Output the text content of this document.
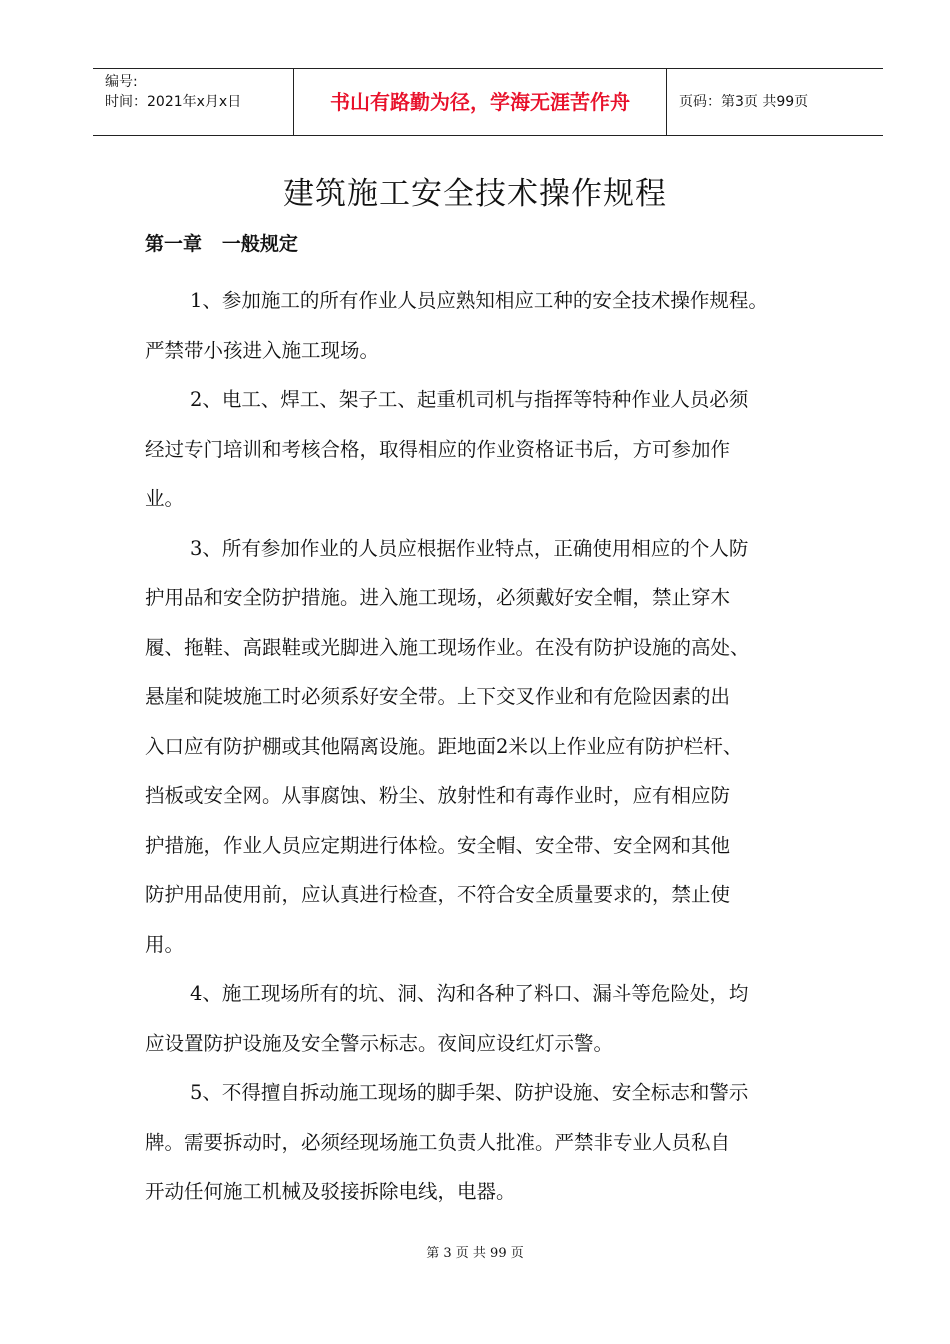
编号:
时间：2021年x月x日	书山有路勤为径，学海无涯苦作舟	页码：第3页 共99页
建筑施工安全技术操作规程
第一章   一般规定
1、参加施工的所有作业人员应熟知相应工种的安全技术操作规程。
严禁带小孩进入施工现场。
2、电工、焊工、架子工、起重机司机与指挥等特种作业人员必须
经过专门培训和考核合格，取得相应的作业资格证书后，方可参加作
业。
3、所有参加作业的人员应根据作业特点，正确使用相应的个人防
护用品和安全防护措施。进入施工现场，必须戴好安全帽，禁止穿木
履、拖鞋、高跟鞋或光脚进入施工现场作业。在没有防护设施的高处、
悬崖和陡坡施工时必须系好安全带。上下交叉作业和有危险因素的出
入口应有防护棚或其他隔离设施。距地面2米以上作业应有防护栏杆、
挡板或安全网。从事腐蚀、粉尘、放射性和有毒作业时，应有相应防
护措施，作业人员应定期进行体检。安全帽、安全带、安全网和其他
防护用品使用前，应认真进行检查，不符合安全质量要求的，禁止使
用。
4、施工现场所有的坑、洞、沟和各种了料口、漏斗等危险处，均
应设置防护设施及安全警示标志。夜间应设红灯示警。
5、不得擅自拆动施工现场的脚手架、防护设施、安全标志和警示
牌。需要拆动时，必须经现场施工负责人批准。严禁非专业人员私自
开动任何施工机械及驳接拆除电线，电器。
第 3 页 共 99 页
